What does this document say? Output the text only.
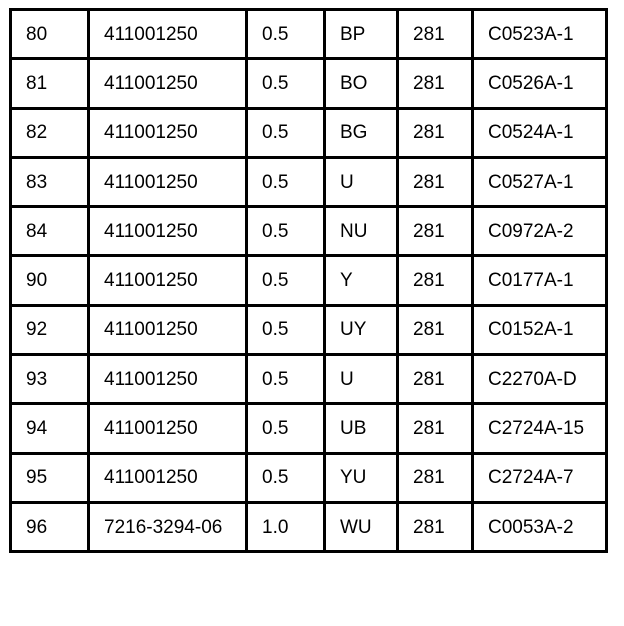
80	411001250	0.5	BP	281	C0523A-1
81	411001250	0.5	BO	281	C0526A-1
82	411001250	0.5	BG	281	C0524A-1
83	411001250	0.5	U	281	C0527A-1
84	411001250	0.5	NU	281	C0972A-2
90	411001250	0.5	Y	281	C0177A-1
92	411001250	0.5	UY	281	C0152A-1
93	411001250	0.5	U	281	C2270A-D
94	411001250	0.5	UB	281	C2724A-15
95	411001250	0.5	YU	281	C2724A-7
96	7216-3294-06	1.0	WU	281	C0053A-2
